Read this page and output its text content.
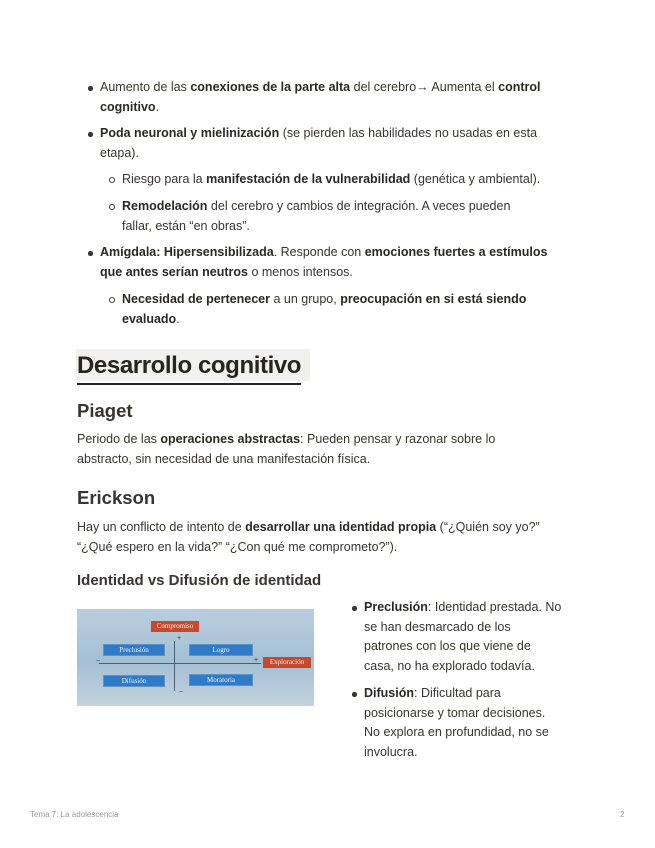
Aumento de las conexiones de la parte alta del cerebro→ Aumenta el control
cognitivo.
Poda neuronal y mielinización (se pierden las habilidades no usadas en esta
etapa).
Riesgo para la manifestación de la vulnerabilidad (genética y ambiental).
Remodelación del cerebro y cambios de integración. A veces pueden
fallar, están “en obras”.
Amígdala: Hipersensibilizada. Responde con emociones fuertes a estímulos
que antes serían neutros o menos intensos.
Necesidad de pertenecer a un grupo, preocupación en si está siendo
evaluado.
Desarrollo cognitivo
Piaget
Periodo de las operaciones abstractas: Pueden pensar y razonar sobre lo
abstracto, sin necesidad de una manifestación física.
Erickson
Hay un conflicto de intento de desarrollar una identidad propia (“¿Quién soy yo?”
“¿Qué espero en la vida?” “¿Con qué me comprometo?”).
Identidad vs Difusión de identidad
Compromiso
Exploración
Preclusión	Logro
Difusión	Moratoria
+
+
−
−
Preclusión: Identidad prestada. No
se han desmarcado de los
patrones con los que viene de
casa, no ha explorado todavía.
Difusión: Dificultad para
posicionarse y tomar decisiones.
No explora en profundidad, no se
involucra.
Tema 7: La adolescencia	2
